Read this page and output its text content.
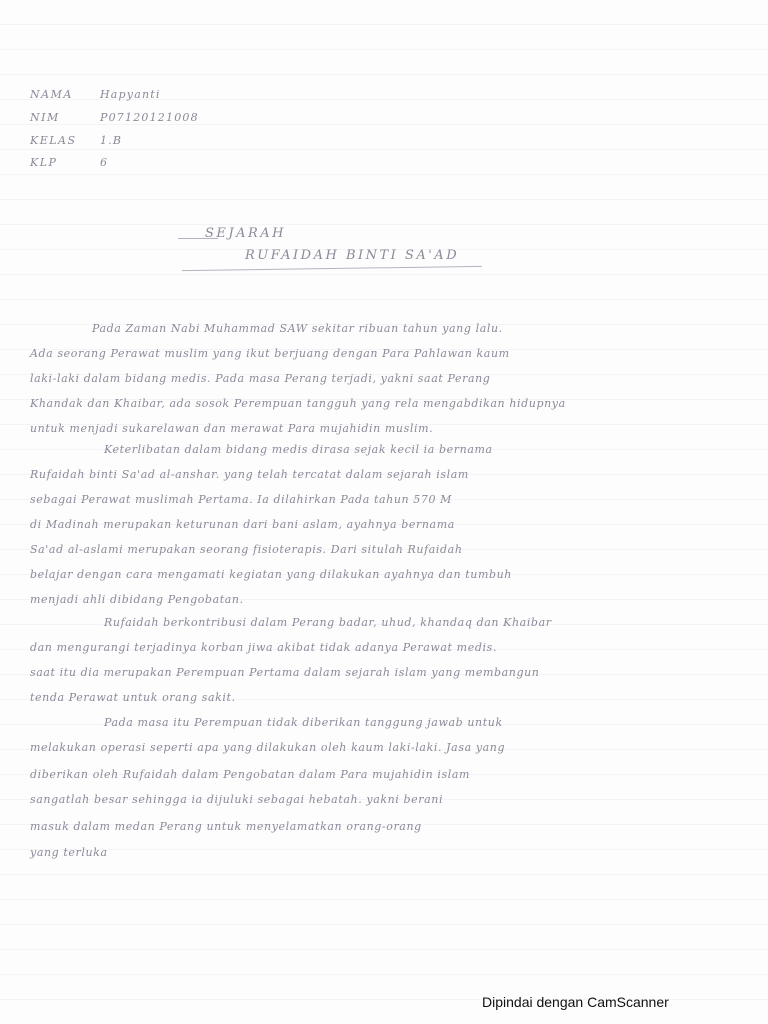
NAMA	Hapyanti
NIM	P07120121008
KELAS	1.B
KLP	6
SEJARAH
RUFAIDAH BINTI SA'AD
Pada Zaman Nabi Muhammad SAW sekitar ribuan tahun yang lalu.
Ada seorang Perawat muslim yang ikut berjuang dengan Para Pahlawan kaum
laki-laki dalam bidang medis. Pada masa Perang terjadi, yakni saat Perang
Khandak dan Khaibar, ada sosok Perempuan tangguh yang rela mengabdikan hidupnya
untuk menjadi sukarelawan dan merawat Para mujahidin muslim.
Keterlibatan dalam bidang medis dirasa sejak kecil ia bernama
Rufaidah binti Sa'ad al-anshar. yang telah tercatat dalam sejarah islam
sebagai Perawat muslimah Pertama. Ia dilahirkan Pada tahun 570 M
di Madinah merupakan keturunan dari bani aslam, ayahnya bernama
Sa'ad al-aslami merupakan seorang fisioterapis. Dari situlah Rufaidah
belajar dengan cara mengamati kegiatan yang dilakukan ayahnya dan tumbuh
menjadi ahli dibidang Pengobatan.
Rufaidah berkontribusi dalam Perang badar, uhud, khandaq dan Khaibar
dan mengurangi terjadinya korban jiwa akibat tidak adanya Perawat medis.
saat itu dia merupakan Perempuan Pertama dalam sejarah islam yang membangun
tenda Perawat untuk orang sakit.
Pada masa itu Perempuan tidak diberikan tanggung jawab untuk
melakukan operasi seperti apa yang dilakukan oleh kaum laki-laki. Jasa yang
diberikan oleh Rufaidah dalam Pengobatan dalam Para mujahidin islam
sangatlah besar sehingga ia dijuluki sebagai hebatah. yakni berani
masuk dalam medan Perang untuk menyelamatkan orang-orang
yang terluka
Dipindai dengan CamScanner
